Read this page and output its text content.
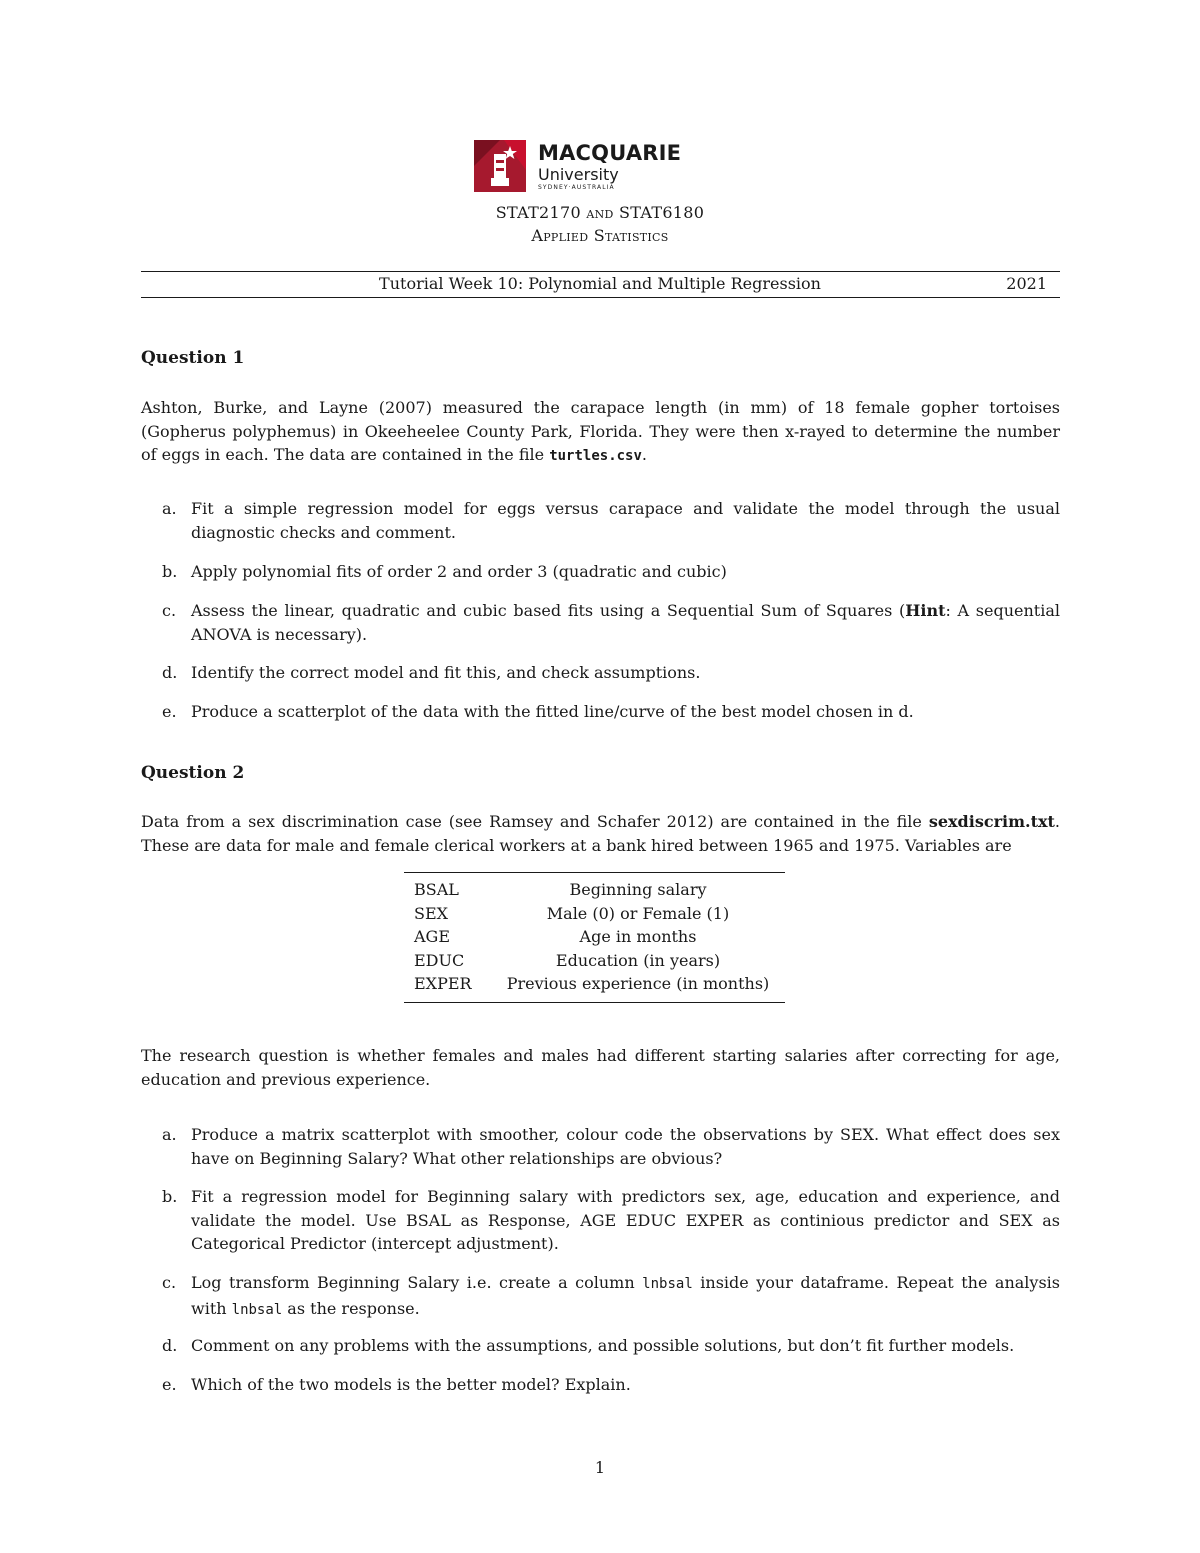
MACQUARIE
University
SYDNEY·AUSTRALIA
STAT2170 and STAT6180
Applied Statistics
Tutorial Week 10: Polynomial and Multiple Regression	2021
Question 1
Ashton, Burke, and Layne (2007) measured the carapace length (in mm) of 18 female gopher tortoises (Gopherus polyphemus) in Okeeheelee County Park, Florida. They were then x-rayed to determine the number of eggs in each. The data are contained in the file turtles.csv.
a. Fit a simple regression model for eggs versus carapace and validate the model through the usual diagnostic checks and comment.
b. Apply polynomial fits of order 2 and order 3 (quadratic and cubic)
c. Assess the linear, quadratic and cubic based fits using a Sequential Sum of Squares (Hint: A sequential ANOVA is necessary).
d. Identify the correct model and fit this, and check assumptions.
e. Produce a scatterplot of the data with the fitted line/curve of the best model chosen in d.
Question 2
Data from a sex discrimination case (see Ramsey and Schafer 2012) are contained in the file sexdiscrim.txt. These are data for male and female clerical workers at a bank hired between 1965 and 1975. Variables are
BSAL	Beginning salary
SEX	Male (0) or Female (1)
AGE	Age in months
EDUC	Education (in years)
EXPER	Previous experience (in months)
The research question is whether females and males had different starting salaries after correcting for age, education and previous experience.
a. Produce a matrix scatterplot with smoother, colour code the observations by SEX. What effect does sex have on Beginning Salary? What other relationships are obvious?
b. Fit a regression model for Beginning salary with predictors sex, age, education and experience, and validate the model. Use BSAL as Response, AGE EDUC EXPER as continious predictor and SEX as Categorical Predictor (intercept adjustment).
c. Log transform Beginning Salary i.e. create a column lnbsal inside your dataframe. Repeat the analysis with lnbsal as the response.
d. Comment on any problems with the assumptions, and possible solutions, but don’t fit further models.
e. Which of the two models is the better model? Explain.
1
